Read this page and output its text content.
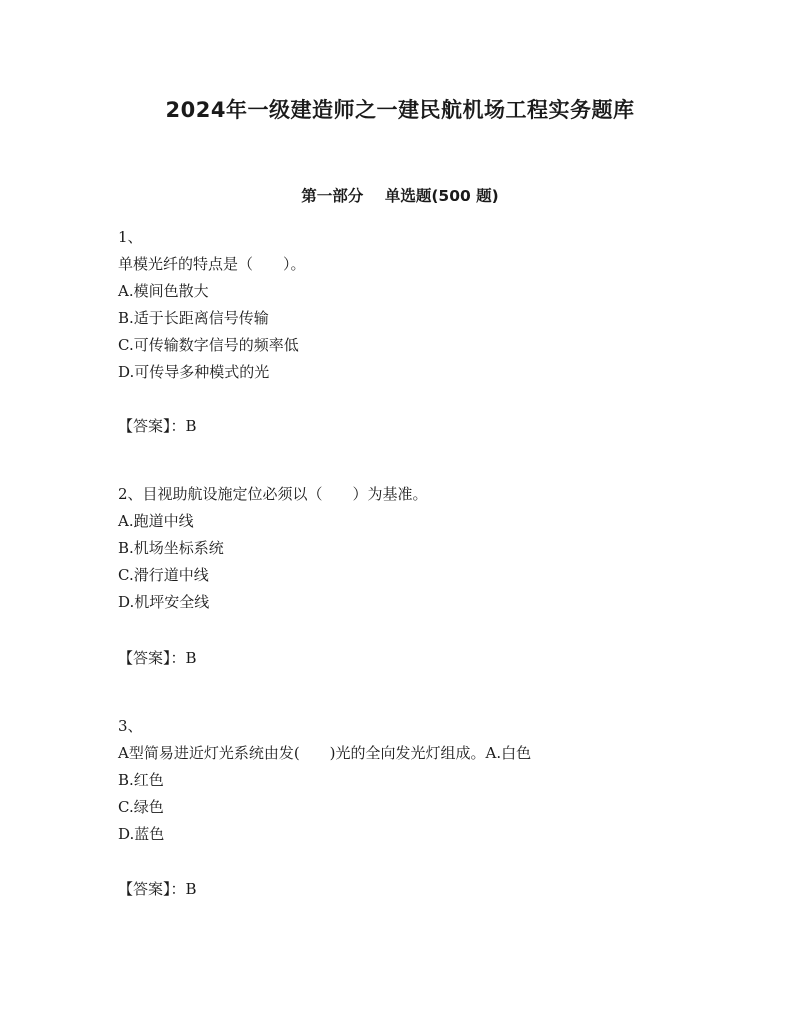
2024年一级建造师之一建民航机场工程实务题库
第一部分    单选题(500 题)
1、
单模光纤的特点是（　　）。
A.模间色散大
B.适于长距离信号传输
C.可传输数字信号的频率低
D.可传导多种模式的光
【答案】：B
2、目视助航设施定位必须以（　　）为基准。
A.跑道中线
B.机场坐标系统
C.滑行道中线
D.机坪安全线
【答案】：B
3、
A型简易进近灯光系统由发(　　)光的全向发光灯组成。A.白色
B.红色
C.绿色
D.蓝色
【答案】：B
